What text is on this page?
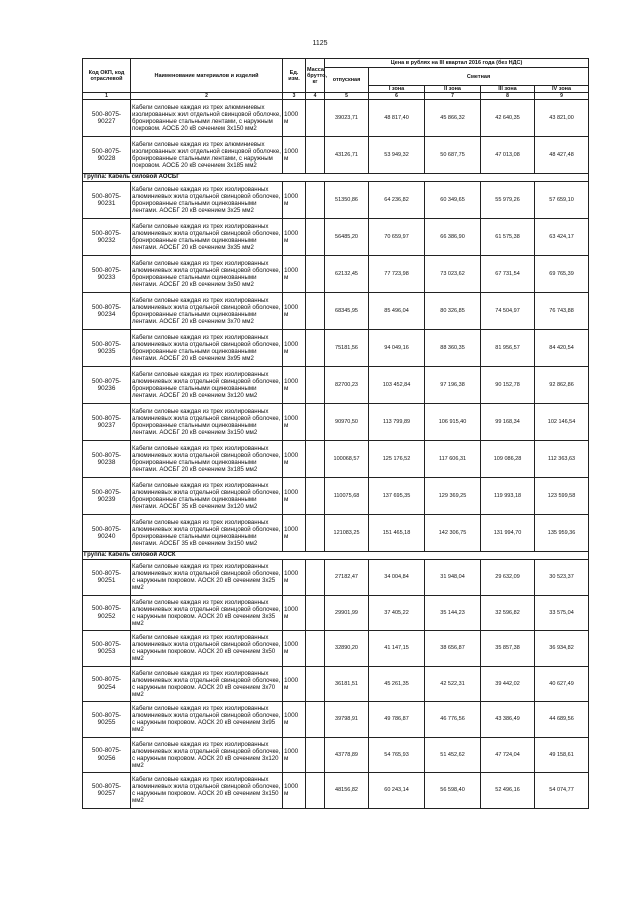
1125
Код ОКП, код отраслевой	Наименование материалов и изделий	Ед. изм.		Масса брутто, кг	Цена в рублях на III квартал 2016 года (без НДС)				
					отпускная	Сметная			
						I зона	II зона	III зона	IV зона
1	2	3		4	5	6	7	8	9
500-8075-90227	Кабели силовые каждая из трех алюминиевых изолированных жил отдельной свинцовой оболочке, бронированные стальными лентами, с наружным покровом. АОСБ 20 кВ сечением 3х150 мм2	1000 м			39023,71	48 817,40	45 866,32	42 640,35	43 821,00
500-8075-90228	Кабели силовые каждая из трех алюминиевых изолированных жил отдельной свинцовой оболочке, бронированные стальными лентами, с наружным покровом. АОСБ 20 кВ сечением 3х185 мм2	1000 м			43126,71	53 949,32	50 687,75	47 013,08	48 427,48
Группа: Кабель силовой АОСБГ									
500-8075-90231	Кабели силовые каждая из трех изолированных алюминиевых жила отдельной свинцовой оболочке, бронированные стальными оцинкованными лентами. АОСБГ 20 кВ сечением 3х25 мм2	1000 м			51350,86	64 236,82	60 349,65	55 979,26	57 659,10
500-8075-90232	Кабели силовые каждая из трех изолированных алюминиевых жила отдельной свинцовой оболочке, бронированные стальными оцинкованными лентами. АОСБГ 20 кВ сечением 3х35 мм2	1000 м			56485,20	70 659,97	66 386,90	61 575,38	63 424,17
500-8075-90233	Кабели силовые каждая из трех изолированных алюминиевых жила отдельной свинцовой оболочке, бронированные стальными оцинкованными лентами. АОСБГ 20 кВ сечением 3х50 мм2	1000 м			62132,45	77 723,98	73 023,62	67 731,54	69 765,39
500-8075-90234	Кабели силовые каждая из трех изолированных алюминиевых жила отдельной свинцовой оболочке, бронированные стальными оцинкованными лентами. АОСБГ 20 кВ сечением 3х70 мм2	1000 м			68345,95	85 496,04	80 326,85	74 504,97	76 743,88
500-8075-90235	Кабели силовые каждая из трех изолированных алюминиевых жила отдельной свинцовой оболочке, бронированные стальными оцинкованными лентами. АОСБГ 20 кВ сечением 3х95 мм2	1000 м			75181,56	94 049,16	88 360,35	81 956,57	84 420,54
500-8075-90236	Кабели силовые каждая из трех изолированных алюминиевых жила отдельной свинцовой оболочке, бронированные стальными оцинкованными лентами. АОСБГ 20 кВ сечением 3х120 мм2	1000 м			82700,23	103 452,84	97 196,38	90 152,78	92 862,86
500-8075-90237	Кабели силовые каждая из трех изолированных алюминиевых жила отдельной свинцовой оболочке, бронированные стальными оцинкованными лентами. АОСБГ 20 кВ сечением 3х150 мм2	1000 м			90970,50	113 799,89	106 915,40	99 168,34	102 146,54
500-8075-90238	Кабели силовые каждая из трех изолированных алюминиевых жила отдельной свинцовой оболочке, бронированные стальными оцинкованными лентами. АОСБГ 20 кВ сечением 3х185 мм2	1000 м			100068,57	125 176,52	117 606,31	109 086,28	112 363,63
500-8075-90239	Кабели силовые каждая из трех изолированных алюминиевых жила отдельной свинцовой оболочке, бронированные стальными оцинкованными лентами. АОСБГ 35 кВ сечением 3х120 мм2	1000 м			110075,68	137 695,35	129 369,25	119 993,18	123 599,58
500-8075-90240	Кабели силовые каждая из трех изолированных алюминиевых жила отдельной свинцовой оболочке, бронированные стальными оцинкованными лентами. АОСБГ 35 кВ сечением 3х150 мм2	1000 м			121083,25	151 465,18	142 306,75	131 994,70	135 959,36
Группа: Кабель силовой АОСК									
500-8075-90251	Кабели силовые каждая из трех изолированных алюминиевых жила отдельной свинцовой оболочке, с наружным покровом. АОСК 20 кВ сечением 3х25 мм2	1000 м			27182,47	34 004,84	31 948,04	29 632,09	30 523,37
500-8075-90252	Кабели силовые каждая из трех изолированных алюминиевых жила отдельной свинцовой оболочке, с наружным покровом. АОСК 20 кВ сечением 3х35 мм2	1000 м			29901,99	37 405,22	35 144,23	32 596,82	33 575,04
500-8075-90253	Кабели силовые каждая из трех изолированных алюминиевых жила отдельной свинцовой оболочке, с наружным покровом. АОСК 20 кВ сечением 3х50 мм2	1000 м			32890,20	41 147,15	38 656,87	35 857,38	36 934,82
500-8075-90254	Кабели силовые каждая из трех изолированных алюминиевых жила отдельной свинцовой оболочке, с наружным покровом. АОСК 20 кВ сечением 3х70 мм2	1000 м			36181,51	45 261,35	42 522,31	39 442,02	40 627,49
500-8075-90255	Кабели силовые каждая из трех изолированных алюминиевых жила отдельной свинцовой оболочке, с наружным покровом. АОСК 20 кВ сечением 3х95 мм2	1000 м			39798,91	49 786,87	46 776,56	43 386,49	44 689,56
500-8075-90256	Кабели силовые каждая из трех изолированных алюминиевых жила отдельной свинцовой оболочке, с наружным покровом. АОСК 20 кВ сечением 3х120 мм2	1000 м			43778,89	54 765,93	51 452,62	47 724,04	49 158,61
500-8075-90257	Кабели силовые каждая из трех изолированных алюминиевых жила отдельной свинцовой оболочке, с наружным покровом. АОСК 20 кВ сечением 3х150 мм2	1000 м			48156,82	60 243,14	56 598,40	52 496,16	54 074,77
